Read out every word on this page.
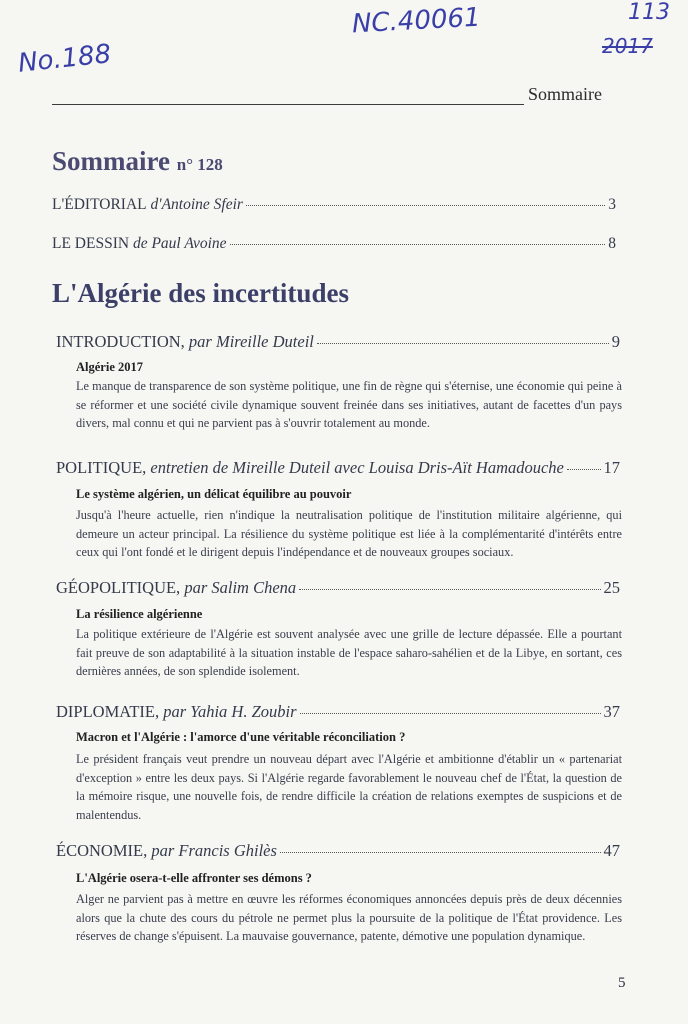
No.188
NC.40061	113
2017
Sommaire
Sommaire n° 128
L'ÉDITORIAL
d'Antoine Sfeir	3
LE DESSIN
de Paul Avoine	8
L'Algérie des incertitudes
INTRODUCTION,
par Mireille Duteil	9
Algérie 2017
Le manque de transparence de son système politique, une fin de règne qui s'éternise, une économie qui peine à se réformer et une société civile dynamique souvent freinée dans ses initiatives, autant de facettes d'un pays divers, mal connu et qui ne parvient pas à s'ouvrir totalement au monde.
POLITIQUE,
entretien de Mireille Duteil avec Louisa Dris-Aït Hamadouche 17
Le système algérien, un délicat équilibre au pouvoir
Jusqu'à l'heure actuelle, rien n'indique la neutralisation politique de l'institution militaire algérienne, qui demeure un acteur principal. La résilience du système politique est liée à la complémentarité d'intérêts entre ceux qui l'ont fondé et le dirigent depuis l'indépendance et de nouveaux groupes sociaux.
GÉOPOLITIQUE,
par Salim Chena	25
La résilience algérienne
La politique extérieure de l'Algérie est souvent analysée avec une grille de lecture dépassée. Elle a pourtant fait preuve de son adaptabilité à la situation instable de l'espace saharo-sahélien et de la Libye, en sortant, ces dernières années, de son splendide isolement.
DIPLOMATIE,
par Yahia H. Zoubir	37
Macron et l'Algérie : l'amorce d'une véritable réconciliation ?
Le président français veut prendre un nouveau départ avec l'Algérie et ambitionne d'établir un « partenariat d'exception » entre les deux pays. Si l'Algérie regarde favorablement le nouveau chef de l'État, la question de la mémoire risque, une nouvelle fois, de rendre difficile la création de relations exemptes de suspicions et de malentendus.
ÉCONOMIE,
par Francis Ghilès	47
L'Algérie osera-t-elle affronter ses démons ?
Alger ne parvient pas à mettre en œuvre les réformes économiques annoncées depuis près de deux décennies alors que la chute des cours du pétrole ne permet plus la poursuite de la politique de l'État providence. Les réserves de change s'épuisent. La mauvaise gouvernance, patente, démotive une population dynamique.
5
